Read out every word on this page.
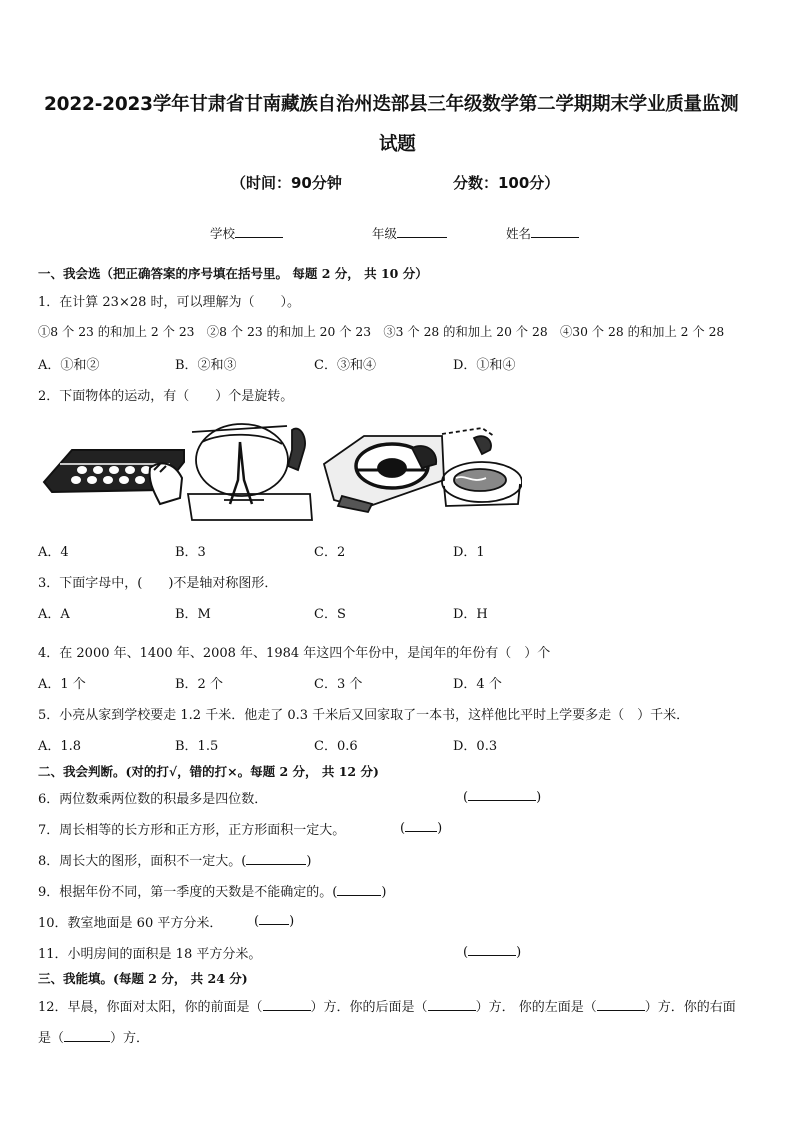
2022-2023学年甘肃省甘南藏族自治州迭部县三年级数学第二学期期末学业质量监测
试题
（时间：90分钟	分数：100分）
学校	年级	姓名
一、我会选（把正确答案的序号填在括号里。 每题 2 分， 共 10 分）
1．在计算 23×28 时，可以理解为（　　）。
①8 个 23 的和加上 2 个 23　②8 个 23 的和加上 20 个 23　③3 个 28 的和加上 20 个 28　④30 个 28 的和加上 2 个 28
A．①和②	B．②和③	C．③和④	D．①和④
2．下面物体的运动，有（　　）个是旋转。
A．4	B．3	C．2	D．1
3．下面字母中，(　　)不是轴对称图形．
A．A	B．M	C．S	D．H
4．在 2000 年、1400 年、2008 年、1984 年这四个年份中，是闰年的年份有（　）个
A．1 个	B．2 个	C．3 个	D．4 个
5．小亮从家到学校要走 1.2 千米．他走了 0.3 千米后又回家取了一本书，这样他比平时上学要多走（　）千米．
A．1.8	B．1.5	C．0.6	D．0.3
二、我会判断。(对的打√，错的打×。每题 2 分， 共 12 分)
6．两位数乘两位数的积最多是四位数．	(	)
7．周长相等的长方形和正方形，正方形面积一定大。	( )
8．周长大的图形，面积不一定大。(	)
9．根据年份不同，第一季度的天数是不能确定的。(	)
10．教室地面是 60 平方分米． ( )
11．小明房间的面积是 18 平方分米。	(	)
三、我能填。(每题 2 分， 共 24 分)
12．早晨，你面对太阳，你的前面是（	）方．你的后面是（	）方． 你的左面是（	）方．你的右面
是（	）方．
